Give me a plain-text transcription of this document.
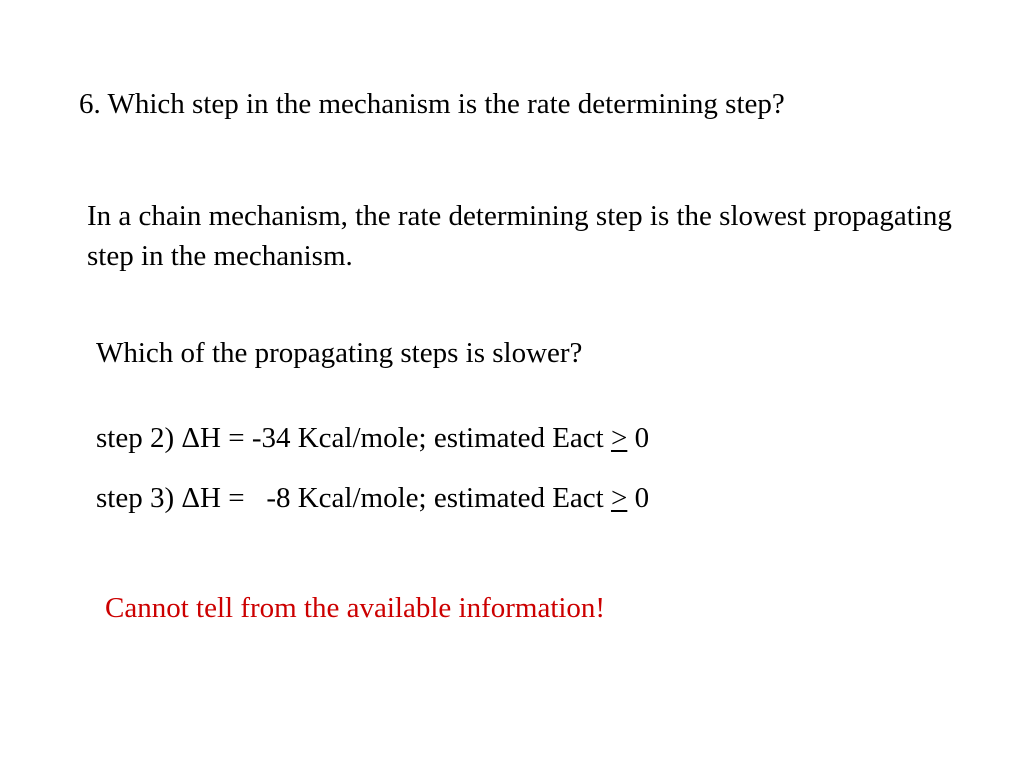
6. Which step in the mechanism is the rate determining step?
In a chain mechanism, the rate determining step is the slowest propagating step in the mechanism.
Which of the propagating steps is slower?
step 2) ΔH = -34 Kcal/mole; estimated Eact > 0
step 3) ΔH =   -8 Kcal/mole; estimated Eact > 0
Cannot tell from the available information!
